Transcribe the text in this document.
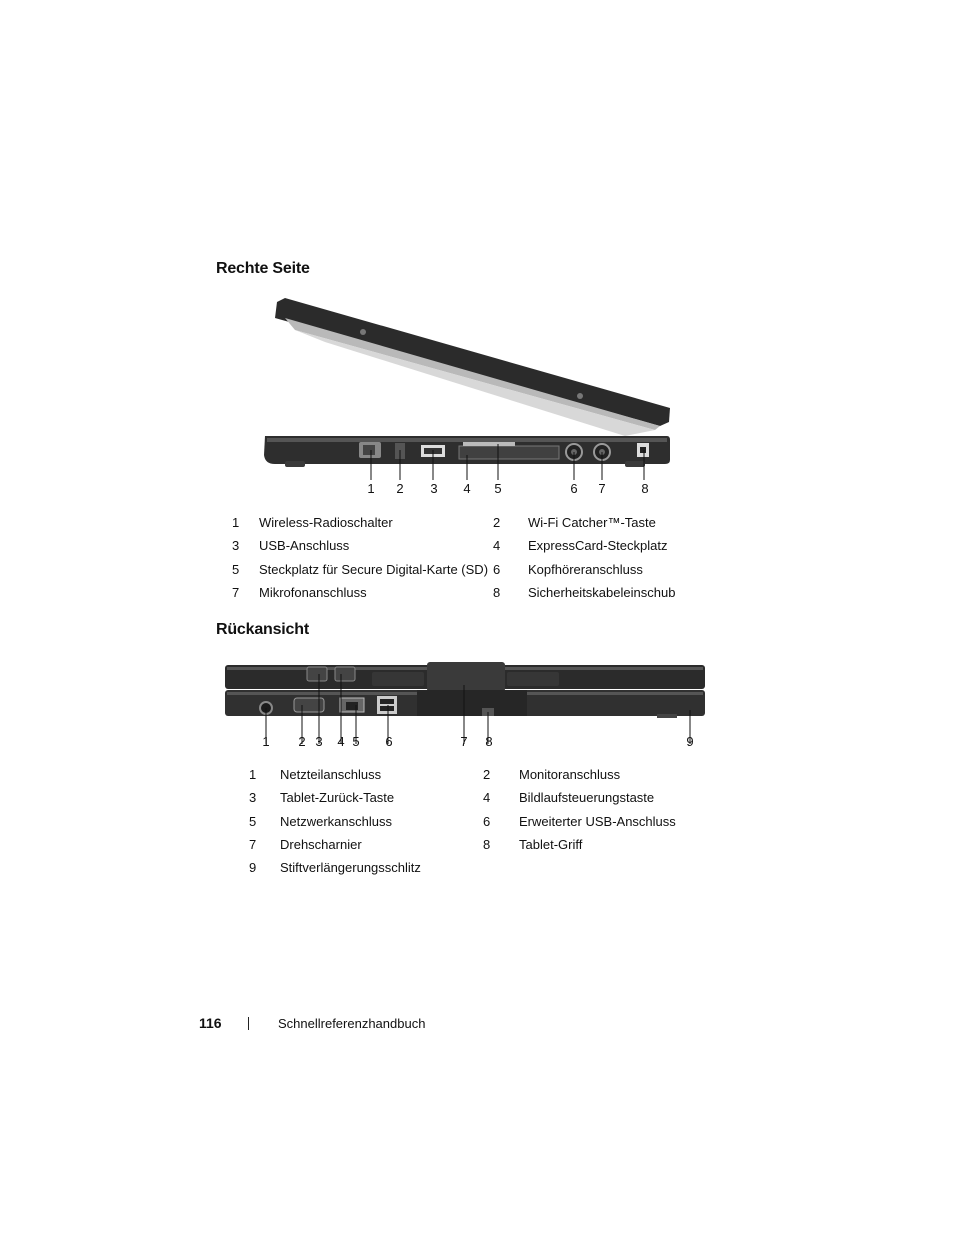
Rechte Seite
1 2 3 4 5	6 7	8
1	Wireless-Radioschalter	2	Wi-Fi Catcher™-Taste
3	USB-Anschluss	4	ExpressCard-Steckplatz
5	Steckplatz für Secure Digital-Karte (SD)	6	Kopfhöreranschluss
7	Mikrofonanschluss	8	Sicherheitskabeleinschub
Rückansicht
1 2 3 4 5 6	7 8	9
1	Netzteilanschluss	2	Monitoranschluss
3	Tablet-Zurück-Taste	4	Bildlaufsteuerungstaste
5	Netzwerkanschluss	6	Erweiterter USB-Anschluss
7	Drehscharnier	8	Tablet-Griff
9	Stiftverlängerungsschlitz		
116	Schnellreferenzhandbuch
